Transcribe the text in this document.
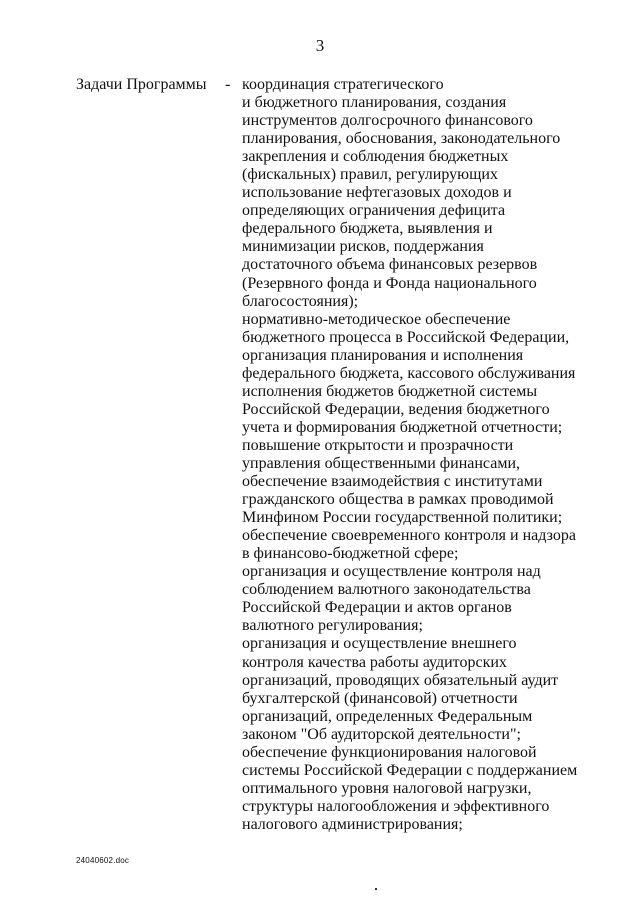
3
Задачи Программы - координация стратегического
и бюджетного планирования, создания
инструментов долгосрочного финансового
планирования, обоснования, законодательного
закрепления и соблюдения бюджетных
(фискальных) правил, регулирующих
использование нефтегазовых доходов и
определяющих ограничения дефицита
федерального бюджета, выявления и
минимизации рисков, поддержания
достаточного объема финансовых резервов
(Резервного фонда и Фонда национального
благосостояния);
нормативно-методическое обеспечение
бюджетного процесса в Российской Федерации,
организация планирования и исполнения
федерального бюджета, кассового обслуживания
исполнения бюджетов бюджетной системы
Российской Федерации, ведения бюджетного
учета и формирования бюджетной отчетности;
повышение открытости и прозрачности
управления общественными финансами,
обеспечение взаимодействия с институтами
гражданского общества в рамках проводимой
Минфином России государственной политики;
обеспечение своевременного контроля и надзора
в финансово-бюджетной сфере;
организация и осуществление контроля над
соблюдением валютного законодательства
Российской Федерации и актов органов
валютного регулирования;
организация и осуществление внешнего
контроля качества работы аудиторских
организаций, проводящих обязательный аудит
бухгалтерской (финансовой) отчетности
организаций, определенных Федеральным
законом "Об аудиторской деятельности";
обеспечение функционирования налоговой
системы Российской Федерации с поддержанием
оптимального уровня налоговой нагрузки,
структуры налогообложения и эффективного
налогового администрирования;
24040602.doc
